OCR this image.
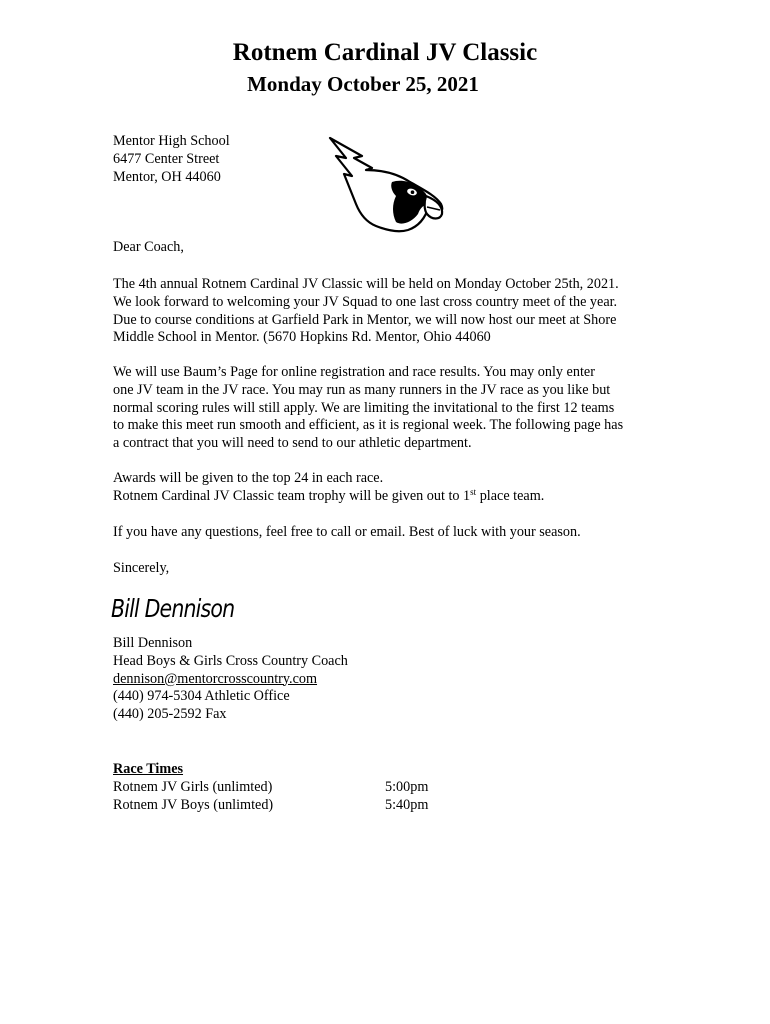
Rotnem Cardinal JV Classic
Monday October 25, 2021
Mentor High School
6477 Center Street
Mentor, OH 44060
Dear Coach,
The 4th annual Rotnem Cardinal JV Classic will be held on Monday October 25th, 2021.
We look forward to welcoming your JV Squad to one last cross country meet of the year.
Due to course conditions at Garfield Park in Mentor, we will now host our meet at Shore
Middle School in Mentor. (5670 Hopkins Rd. Mentor, Ohio 44060
We will use Baum’s Page for online registration and race results. You may only enter
one JV team in the JV race. You may run as many runners in the JV race as you like but
normal scoring rules will still apply. We are limiting the invitational to the first 12 teams
to make this meet run smooth and efficient, as it is regional week. The following page has
a contract that you will need to send to our athletic department.
Awards will be given to the top 24 in each race.
Rotnem Cardinal JV Classic team trophy will be given out to 1st place team.
If you have any questions, feel free to call or email. Best of luck with your season.
Sincerely,
Bill Dennison
Bill Dennison
Head Boys & Girls Cross Country Coach
dennison@mentorcrosscountry.com
(440) 974-5304 Athletic Office
(440) 205-2592 Fax
Race Times
Rotnem JV Girls (unlimted)	5:00pm
Rotnem JV Boys (unlimted)	5:40pm
